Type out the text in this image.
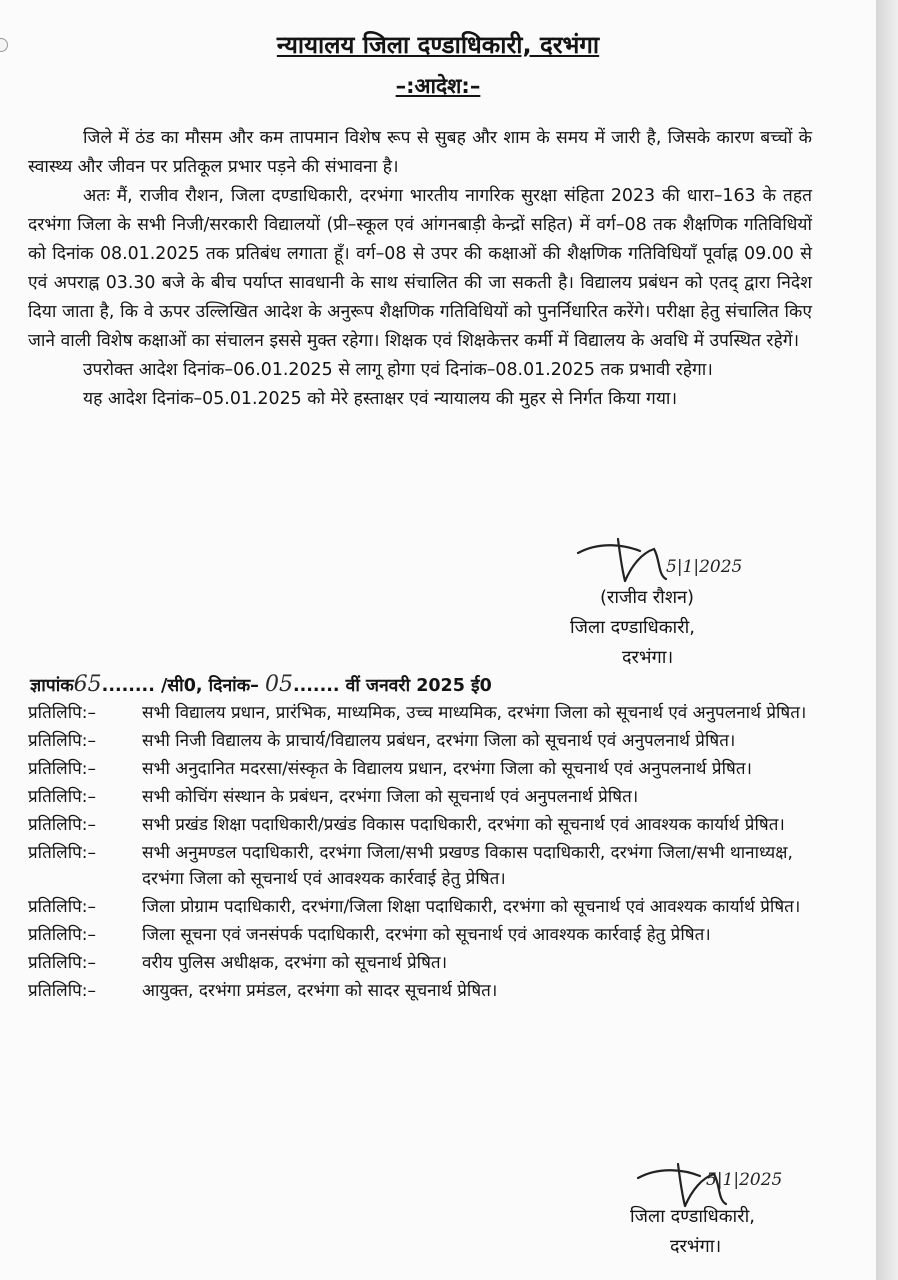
न्यायालय जिला दण्डाधिकारी, दरभंगा
–:आदेश:–

जिले में ठंड का मौसम और कम तापमान विशेष रूप से सुबह और शाम के समय में जारी है, जिसके कारण बच्चों के स्वास्थ्य और जीवन पर प्रतिकूल प्रभार पड़ने की संभावना है।

अतः मैं, राजीव रौशन, जिला दण्डाधिकारी, दरभंगा भारतीय नागरिक सुरक्षा संहिता 2023 की धारा–163 के तहत दरभंगा जिला के सभी निजी/सरकारी विद्यालयों (प्री–स्कूल एवं आंगनबाड़ी केन्द्रों सहित) में वर्ग–08 तक शैक्षणिक गतिविधियों को दिनांक 08.01.2025 तक प्रतिबंध लगाता हूँ। वर्ग–08 से उपर की कक्षाओं की शैक्षणिक गतिविधियाँ पूर्वाह्न 09.00 से एवं अपराह्न 03.30 बजे के बीच पर्याप्त सावधानी के साथ संचालित की जा सकती है। विद्यालय प्रबंधन को एतद् द्वारा निदेश दिया जाता है, कि वे ऊपर उल्लिखित आदेश के अनुरूप शैक्षणिक गतिविधियों को पुनर्निधारित करेंगे। परीक्षा हेतु संचालित किए जाने वाली विशेष कक्षाओं का संचालन इससे मुक्त रहेगा। शिक्षक एवं शिक्षकेत्तर कर्मी में विद्यालय के अवधि में उपस्थित रहेगें।

उपरोक्त आदेश दिनांक–06.01.2025 से लागू होगा एवं दिनांक–08.01.2025 तक प्रभावी रहेगा।

यह आदेश दिनांक–05.01.2025 को मेरे हस्ताक्षर एवं न्यायालय की मुहर से निर्गत किया गया।

5|1|2025
(राजीव रौशन)
जिला दण्डाधिकारी,
दरभंगा।
ज्ञापांक65........ /सी0, दिनांक– 05....... वीं जनवरी 2025 ई0
प्रतिलिपि:–	सभी विद्यालय प्रधान, प्रारंभिक, माध्यमिक, उच्च माध्यमिक, दरभंगा जिला को सूचनार्थ एवं अनुपलनार्थ प्रेषित।
प्रतिलिपि:–	सभी निजी विद्यालय के प्राचार्य/विद्यालय प्रबंधन, दरभंगा जिला को सूचनार्थ एवं अनुपलनार्थ प्रेषित।
प्रतिलिपि:–	सभी अनुदानित मदरसा/संस्कृत के विद्यालय प्रधान, दरभंगा जिला को सूचनार्थ एवं अनुपलनार्थ प्रेषित।
प्रतिलिपि:–	सभी कोचिंग संस्थान के प्रबंधन, दरभंगा जिला को सूचनार्थ एवं अनुपलनार्थ प्रेषित।
प्रतिलिपि:–	सभी प्रखंड शिक्षा पदाधिकारी/प्रखंड विकास पदाधिकारी, दरभंगा को सूचनार्थ एवं आवश्यक कार्यार्थ प्रेषित।
प्रतिलिपि:–	सभी अनुमण्डल पदाधिकारी, दरभंगा जिला/सभी प्रखण्ड विकास पदाधिकारी, दरभंगा जिला/सभी थानाध्यक्ष, दरभंगा जिला को सूचनार्थ एवं आवश्यक कार्रवाई हेतु प्रेषित।
प्रतिलिपि:–	जिला प्रोग्राम पदाधिकारी, दरभंगा/जिला शिक्षा पदाधिकारी, दरभंगा को सूचनार्थ एवं आवश्यक कार्यार्थ प्रेषित।
प्रतिलिपि:–	जिला सूचना एवं जनसंपर्क पदाधिकारी, दरभंगा को सूचनार्थ एवं आवश्यक कार्रवाई हेतु प्रेषित।
प्रतिलिपि:–	वरीय पुलिस अधीक्षक, दरभंगा को सूचनार्थ प्रेषित।
प्रतिलिपि:–	आयुक्त, दरभंगा प्रमंडल, दरभंगा को सादर सूचनार्थ प्रेषित।
5|1|2025
जिला दण्डाधिकारी,
दरभंगा।
